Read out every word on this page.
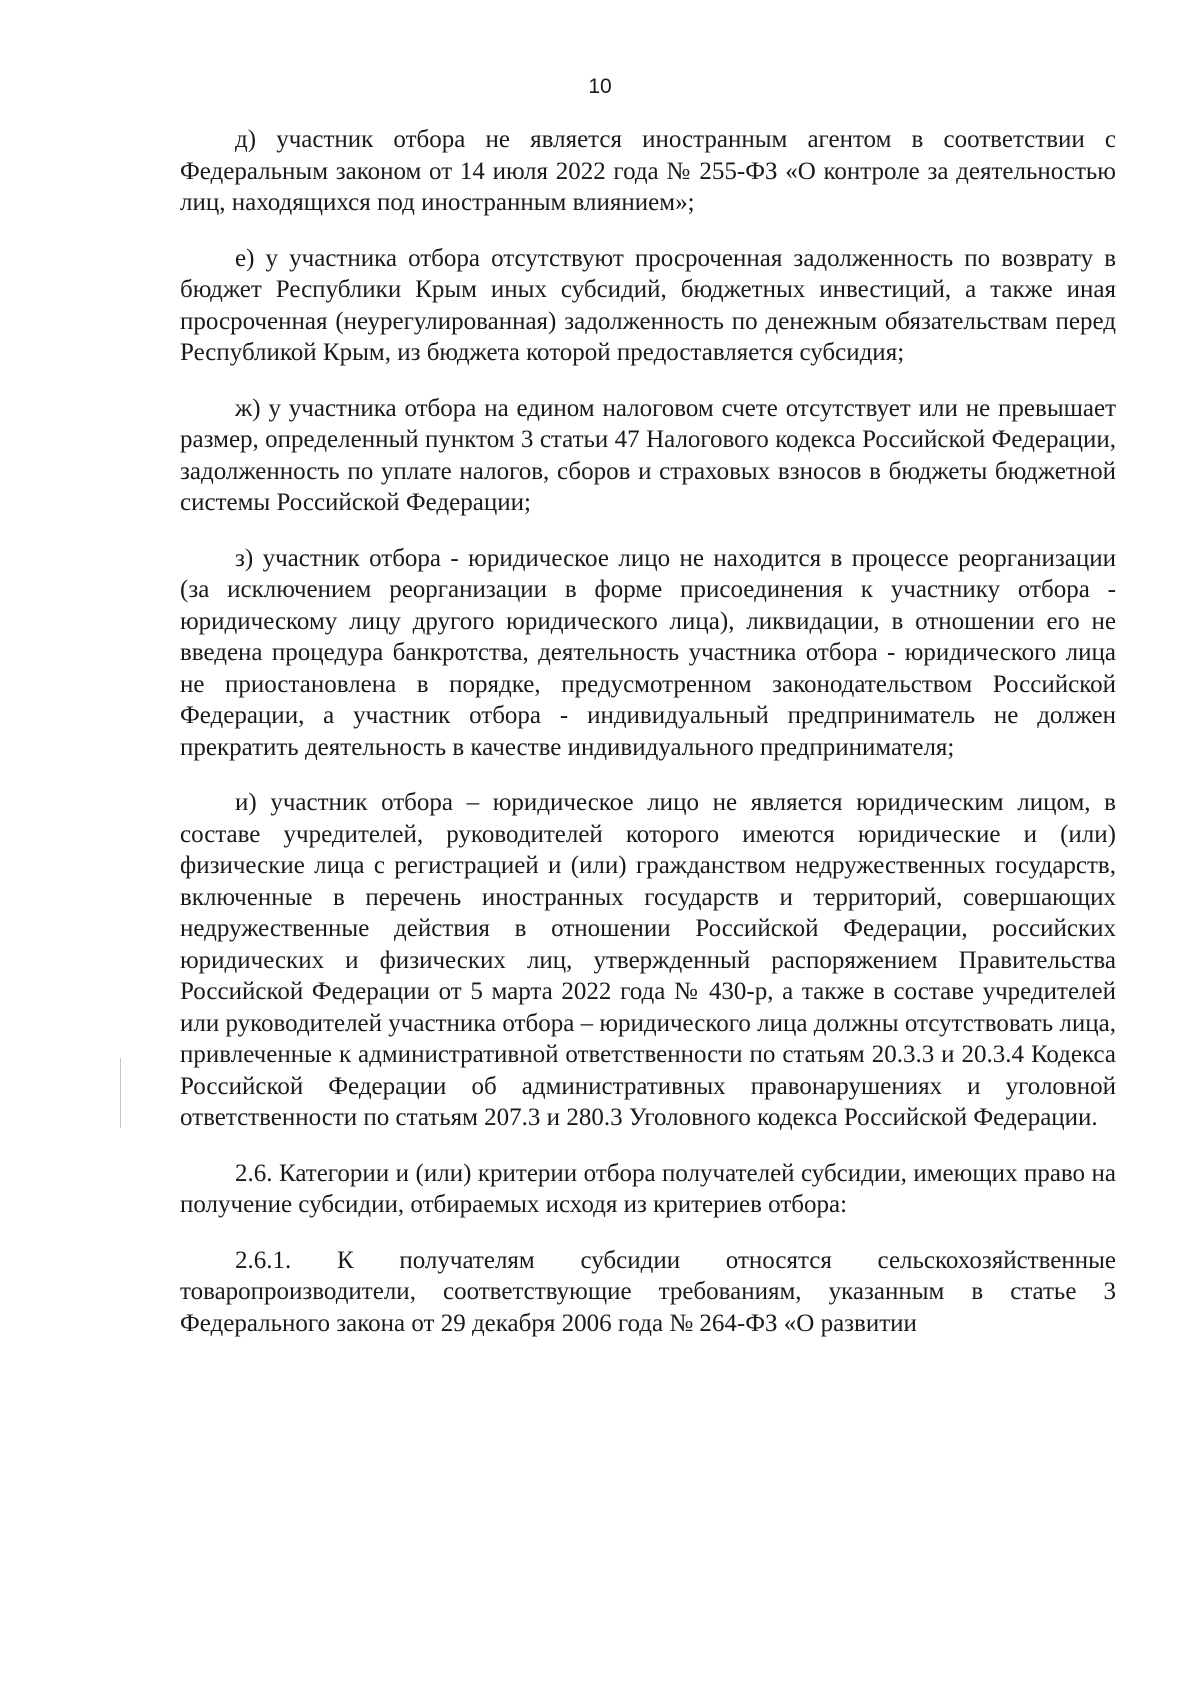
10

д) участник отбора не является иностранным агентом в соответствии с Федеральным законом от 14 июля 2022 года № 255-ФЗ «О контроле за деятельностью лиц, находящихся под иностранным влиянием»;

е) у участника отбора отсутствуют просроченная задолженность по возврату в бюджет Республики Крым иных субсидий, бюджетных инвестиций, а также иная просроченная (неурегулированная) задолженность по денежным обязательствам перед Республикой Крым, из бюджета которой предоставляется субсидия;

ж) у участника отбора на едином налоговом счете отсутствует или не превышает размер, определенный пунктом 3 статьи 47 Налогового кодекса Российской Федерации, задолженность по уплате налогов, сборов и страховых взносов в бюджеты бюджетной системы Российской Федерации;

з) участник отбора - юридическое лицо не находится в процессе реорганизации (за исключением реорганизации в форме присоединения к участнику отбора - юридическому лицу другого юридического лица), ликвидации, в отношении его не введена процедура банкротства, деятельность участника отбора - юридического лица не приостановлена в порядке, предусмотренном законодательством Российской Федерации, а участник отбора - индивидуальный предприниматель не должен прекратить деятельность в качестве индивидуального предпринимателя;

и) участник отбора – юридическое лицо не является юридическим лицом, в составе учредителей, руководителей которого имеются юридические и (или) физические лица с регистрацией и (или) гражданством недружественных государств, включенные в перечень иностранных государств и территорий, совершающих недружественные действия в отношении Российской Федерации, российских юридических и физических лиц, утвержденный распоряжением Правительства Российской Федерации от 5 марта 2022 года № 430-р, а также в составе учредителей или руководителей участника отбора – юридического лица должны отсутствовать лица, привлеченные к административной ответственности по статьям 20.3.3 и 20.3.4 Кодекса Российской Федерации об административных правонарушениях и уголовной ответственности по статьям 207.3 и 280.3 Уголовного кодекса Российской Федерации.

2.6. Категории и (или) критерии отбора получателей субсидии, имеющих право на получение субсидии, отбираемых исходя из критериев отбора:

2.6.1. К получателям субсидии относятся сельскохозяйственные товаропроизводители, соответствующие требованиям, указанным в статье 3 Федерального закона от 29 декабря 2006 года № 264-ФЗ «О развитии
